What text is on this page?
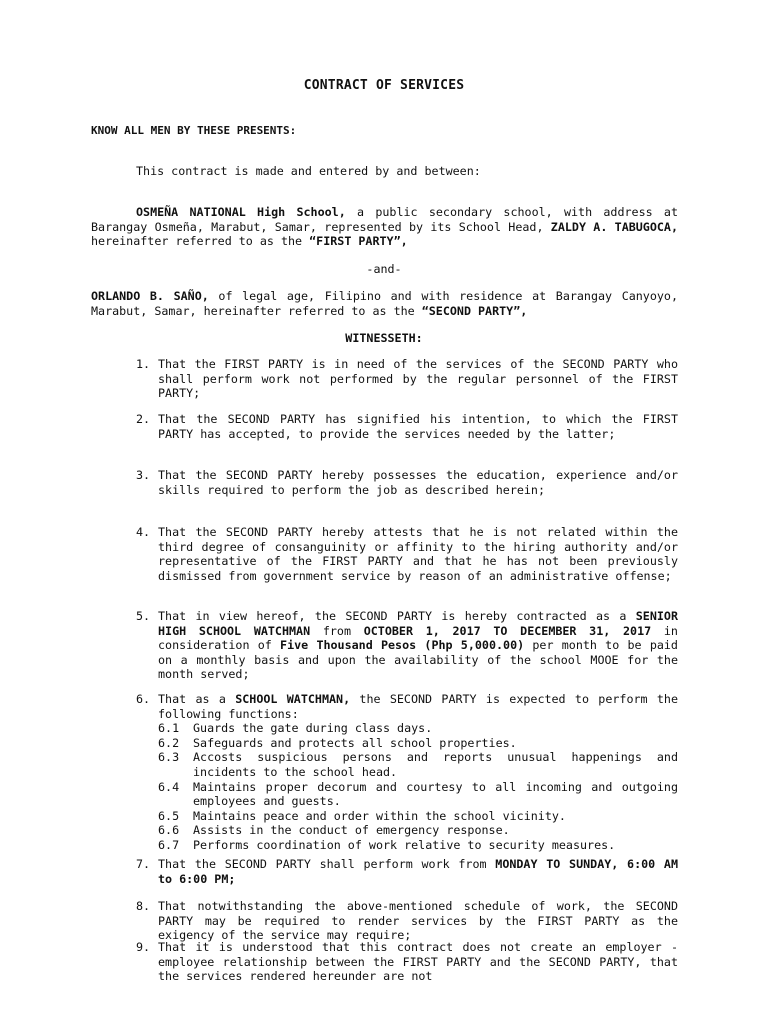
CONTRACT OF SERVICES
KNOW ALL MEN BY THESE PRESENTS:
This contract is made and entered by and between:
OSMEÑA NATIONAL High School, a public secondary school, with address at Barangay Osmeña, Marabut, Samar, represented by its School Head, ZALDY A. TABUGOCA, hereinafter referred to as the “FIRST PARTY”,
-and-
ORLANDO B. SAÑO, of legal age, Filipino and with residence at Barangay Canyoyo, Marabut, Samar, hereinafter referred to as the “SECOND PARTY”,
WITNESSETH:
1. That the FIRST PARTY is in need of the services of the SECOND PARTY who shall perform work not performed by the regular personnel of the FIRST PARTY;
2. That the SECOND PARTY has signified his intention, to which the FIRST PARTY has accepted, to provide the services needed by the latter;
3. That the SECOND PARTY hereby possesses the education, experience and/or skills required to perform the job as described herein;
4. That the SECOND PARTY hereby attests that he is not related within the third degree of consanguinity or affinity to the hiring authority and/or representative of the FIRST PARTY and that he has not been previously dismissed from government service by reason of an administrative offense;
5. That in view hereof, the SECOND PARTY is hereby contracted as a SENIOR HIGH SCHOOL WATCHMAN from OCTOBER 1, 2017 TO DECEMBER 31, 2017 in consideration of Five Thousand Pesos (Php 5,000.00) per month to be paid on a monthly basis and upon the availability of the school MOOE for the month served;
6. That as a SCHOOL WATCHMAN, the SECOND PARTY is expected to perform the following functions:
6.1 Guards the gate during class days.
6.2 Safeguards and protects all school properties.
6.3 Accosts suspicious persons and reports unusual happenings and incidents to the school head.
6.4 Maintains proper decorum and courtesy to all incoming and outgoing employees and guests.
6.5 Maintains peace and order within the school vicinity.
6.6 Assists in the conduct of emergency response.
6.7 Performs coordination of work relative to security measures.
7. That the SECOND PARTY shall perform work from MONDAY TO SUNDAY, 6:00 AM to 6:00 PM;
8. That notwithstanding the above-mentioned schedule of work, the SECOND PARTY may be required to render services by the FIRST PARTY as the exigency of the service may require;
9. That it is understood that this contract does not create an employer - employee relationship between the FIRST PARTY and the SECOND PARTY, that the services rendered hereunder are not
